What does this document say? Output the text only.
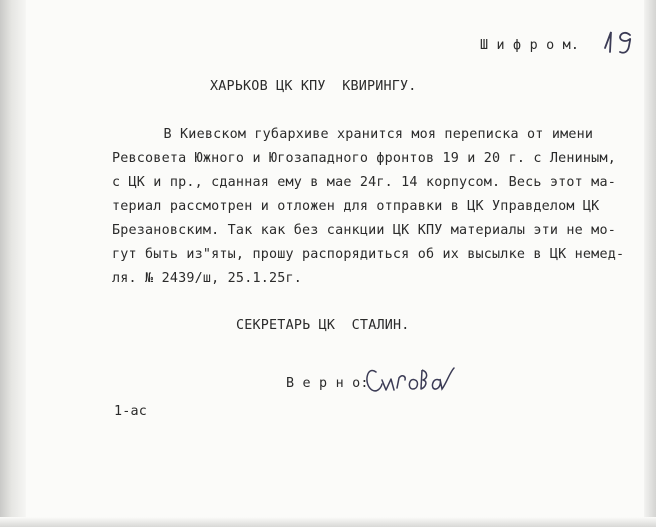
Ш и ф р о м.
ХАРЬКОВ ЦК КПУ  КВИРИНГУ.
В Киевском губархиве хранится моя переписка от имени
Ревсовета Южного и Югозападного фронтов 19 и 20 г. с Лениным,
с ЦК и пр., сданная ему в мае 24г. 14 корпусом. Весь этот ма-
териал рассмотрен и отложен для отправки в ЦК Управделом ЦК
Брезановским. Так как без санкции ЦК КПУ материалы эти не мо-
гут быть из"яты, прошу распорядиться об их высылке в ЦК немед-
ля. № 2439/ш, 25.1.25г.
СЕКРЕТАРЬ ЦК  СТАЛИН.
В е р н о:
1-ас
